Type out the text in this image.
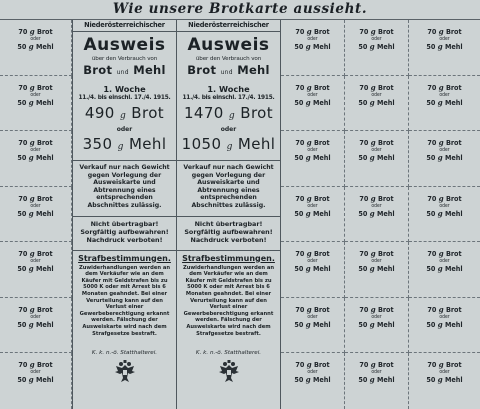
Wie unsere Brotkarte aussieht.
Niederösterreichischer
Ausweis
über den Verbrauch von
Brot und Mehl
1. Woche
11./4. bis einschl. 17./4. 1915.
490 g Brot
oder
350 g Mehl
Verkauf nur nach Gewicht gegen Vorlegung der Ausweiskarte und Abtrennung eines entsprechenden Abschnittes zulässig.
Nicht übertragbar!
Sorgfältig aufbewahren!
Nachdruck verboten!
Strafbestimmungen.
Zuwiderhandlungen werden an dem Verkäufer wie an dem Käufer mit Geldstrafen bis zu 5000 K oder mit Arrest bis 6 Monaten geahndet. Bei einer Verurteilung kann auf den Verlust einer Gewerbeberechtigung erkannt werden. Fälschung der Ausweiskarte wird nach dem Strafgesetze bestraft.
K. k. n.-ö. Statthalterei.
Niederösterreichischer
Ausweis
über den Verbrauch von
Brot und Mehl
1. Woche
11./4. bis einschl. 17./4. 1915.
1470 g Brot
oder
1050 g Mehl
Verkauf nur nach Gewicht gegen Vorlegung der Ausweiskarte und Abtrennung eines entsprechenden Abschnittes zulässig.
Nicht übertragbar!
Sorgfältig aufbewahren!
Nachdruck verboten!
Strafbestimmungen.
Zuwiderhandlungen werden an dem Verkäufer wie an dem Käufer mit Geldstrafen bis zu 5000 K oder mit Arrest bis 6 Monaten geahndet. Bei einer Verurteilung kann auf den Verlust einer Gewerbeberechtigung erkannt werden. Fälschung der Ausweiskarte wird nach dem Strafgesetze bestraft.
K. k. n.-ö. Statthalterei.
70 g Brot
oder
50 g Mehl
70 g Brot
oder
50 g Mehl
70 g Brot
oder
50 g Mehl
70 g Brot
oder
50 g Mehl
70 g Brot
oder
50 g Mehl
70 g Brot
oder
50 g Mehl
70 g Brot
oder
50 g Mehl
70 g Brot
oder
50 g Mehl
70 g Brot
oder
50 g Mehl
70 g Brot
oder
50 g Mehl
70 g Brot
oder
50 g Mehl
70 g Brot
oder
50 g Mehl
70 g Brot
oder
50 g Mehl
70 g Brot
oder
50 g Mehl
70 g Brot
oder
50 g Mehl
70 g Brot
oder
50 g Mehl
70 g Brot
oder
50 g Mehl
70 g Brot
oder
50 g Mehl
70 g Brot
oder
50 g Mehl
70 g Brot
oder
50 g Mehl
70 g Brot
oder
50 g Mehl
70 g Brot
oder
50 g Mehl
70 g Brot
oder
50 g Mehl
70 g Brot
oder
50 g Mehl
70 g Brot
oder
50 g Mehl
70 g Brot
oder
50 g Mehl
70 g Brot
oder
50 g Mehl
70 g Brot
oder
50 g Mehl
